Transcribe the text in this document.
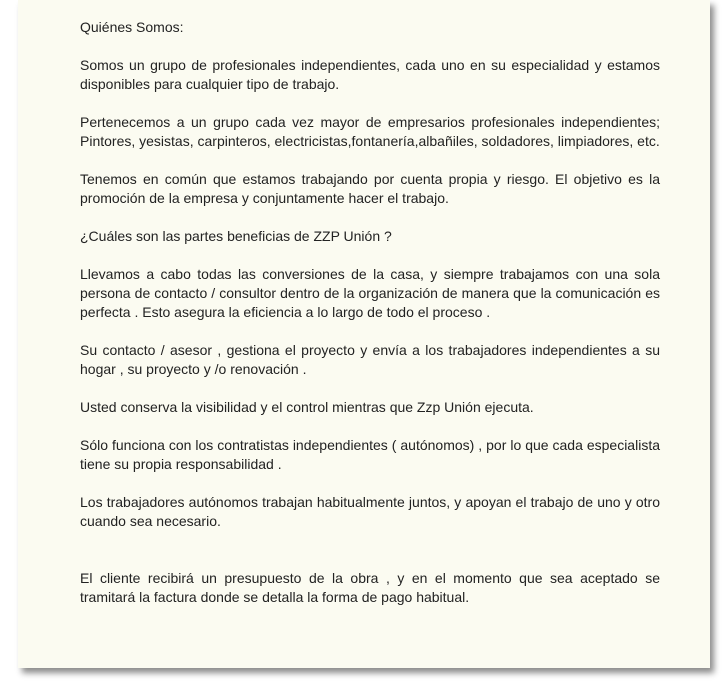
Quiénes Somos:

Somos un grupo de profesionales independientes, cada uno en su especialidad y estamos disponibles para cualquier tipo de trabajo.

Pertenecemos a un grupo cada vez mayor de empresarios profesionales independientes; Pintores, yesistas, carpinteros, electricistas,fontanería,albañiles, soldadores, limpiadores, etc.

Tenemos en común que estamos trabajando por cuenta propia y riesgo. El objetivo es la promoción de la empresa y conjuntamente hacer el trabajo.

¿Cuáles son las partes beneficias de ZZP Unión ?

Llevamos a cabo todas las conversiones de la casa, y siempre trabajamos con una sola persona de contacto / consultor dentro de la organización de manera que la comunicación es perfecta . Esto asegura la eficiencia a lo largo de todo el proceso .

Su contacto / asesor , gestiona el proyecto y envía a los trabajadores independientes a su hogar , su proyecto y /o renovación .

Usted conserva la visibilidad y el control mientras que Zzp Unión ejecuta.

Sólo funciona con los contratistas independientes ( autónomos) , por lo que cada especialista tiene su propia responsabilidad .

Los trabajadores autónomos trabajan habitualmente juntos, y apoyan el trabajo de uno y otro cuando sea necesario.

El cliente recibirá un presupuesto de la obra , y en el momento que sea aceptado se tramitará la factura donde se detalla la forma de pago habitual.
